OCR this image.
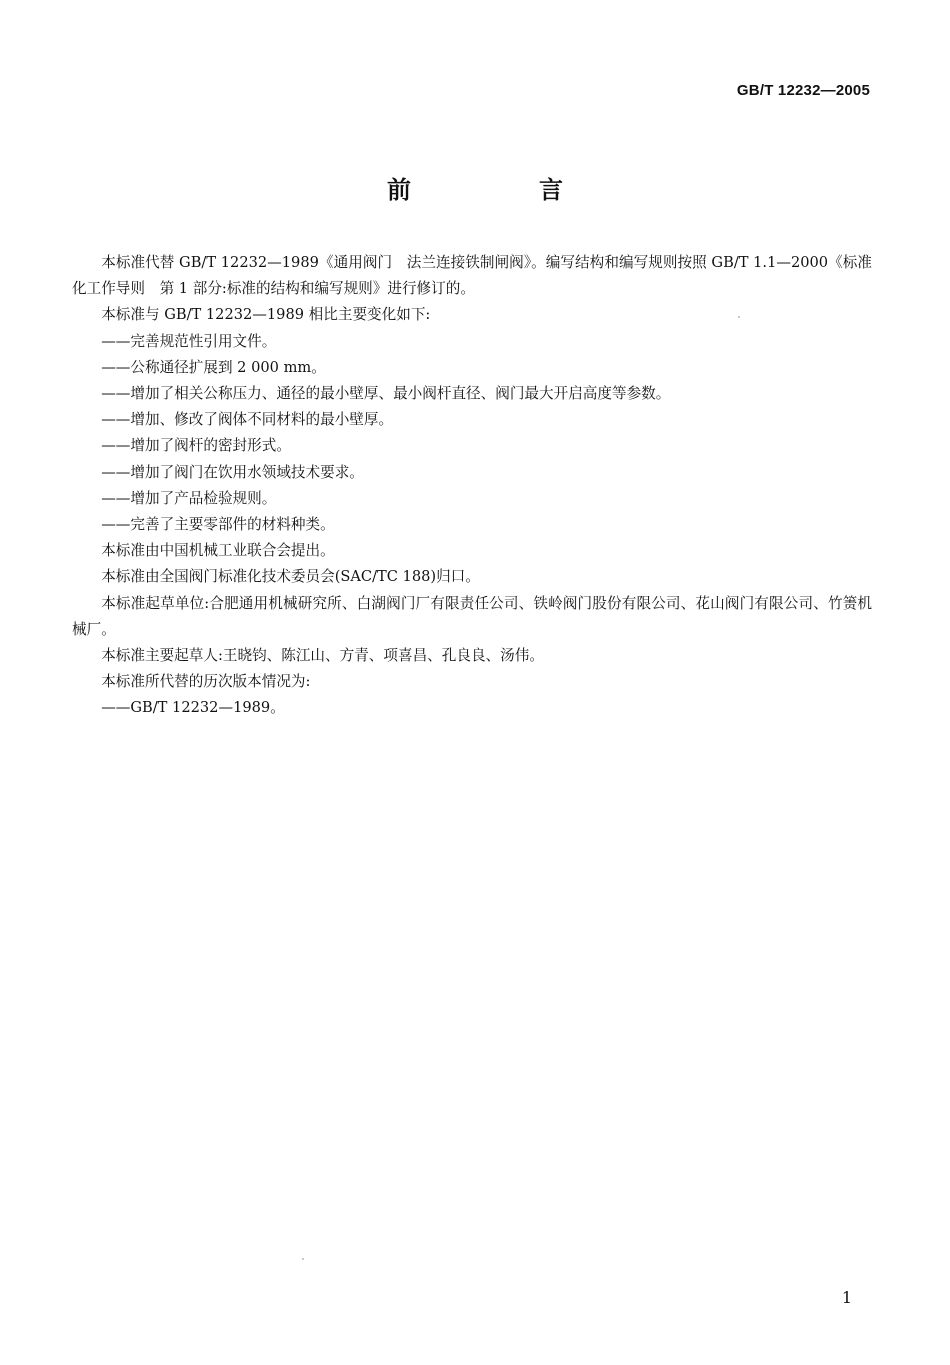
GB/T 12232—2005
前　言

本标准代替 GB/T 12232—1989《通用阀门　法兰连接铁制闸阀》。编写结构和编写规则按照 GB/T 1.1—2000《标准化工作导则　第 1 部分:标准的结构和编写规则》进行修订的。

本标准与 GB/T 12232—1989 相比主要变化如下:

——完善规范性引用文件。

——公称通径扩展到 2 000 mm。

——增加了相关公称压力、通径的最小壁厚、最小阀杆直径、阀门最大开启高度等参数。

——增加、修改了阀体不同材料的最小壁厚。

——增加了阀杆的密封形式。

——增加了阀门在饮用水领域技术要求。

——增加了产品检验规则。

——完善了主要零部件的材料种类。

本标准由中国机械工业联合会提出。

本标准由全国阀门标准化技术委员会(SAC/TC 188)归口。

本标准起草单位:合肥通用机械研究所、白湖阀门厂有限责任公司、铁岭阀门股份有限公司、花山阀门有限公司、竹箦机械厂。

本标准主要起草人:王晓钧、陈江山、方青、项喜昌、孔良良、汤伟。

本标准所代替的历次版本情况为:

——GB/T 12232—1989。

1
